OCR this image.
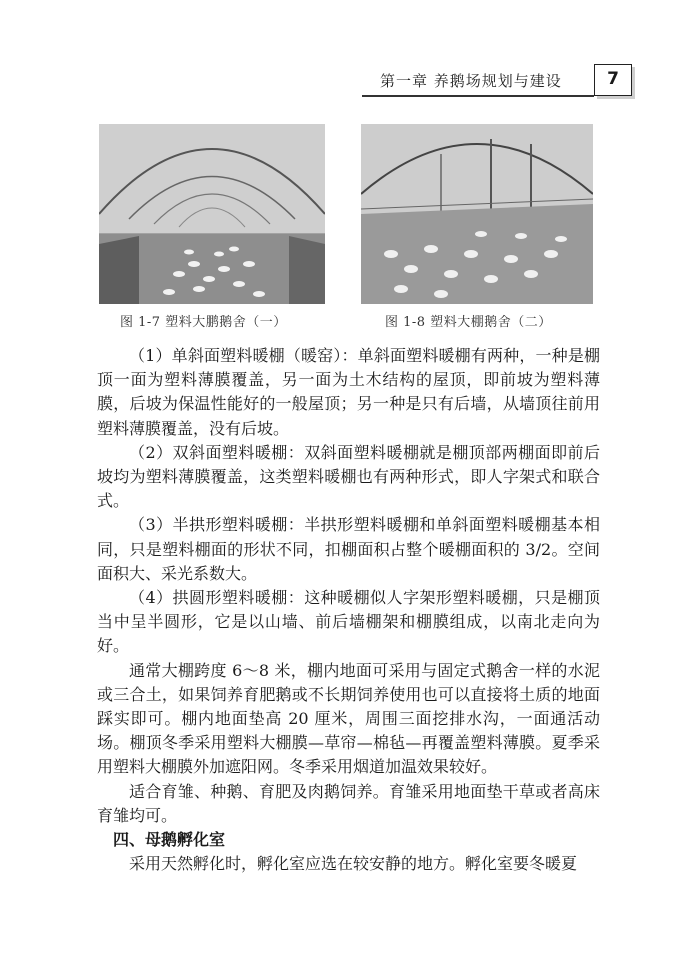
第一章 养鹅场规划与建设	7
图 1-7 塑料大鹏鹅舍（一）	图 1-8 塑料大棚鹅舍（二）

（1）单斜面塑料暖棚（暖窑）：单斜面塑料暖棚有两种，一种是棚顶一面为塑料薄膜覆盖，另一面为土木结构的屋顶，即前坡为塑料薄膜，后坡为保温性能好的一般屋顶；另一种是只有后墙，从墙顶往前用塑料薄膜覆盖，没有后坡。

（2）双斜面塑料暖棚：双斜面塑料暖棚就是棚顶部两棚面即前后坡均为塑料薄膜覆盖，这类塑料暖棚也有两种形式，即人字架式和联合式。

（3）半拱形塑料暖棚：半拱形塑料暖棚和单斜面塑料暖棚基本相同，只是塑料棚面的形状不同，扣棚面积占整个暖棚面积的 3/2。空间面积大、采光系数大。

（4）拱圆形塑料暖棚：这种暖棚似人字架形塑料暖棚，只是棚顶当中呈半圆形，它是以山墙、前后墙棚架和棚膜组成，以南北走向为好。

通常大棚跨度 6～8 米，棚内地面可采用与固定式鹅舍一样的水泥或三合土，如果饲养育肥鹅或不长期饲养使用也可以直接将土质的地面踩实即可。棚内地面垫高 20 厘米，周围三面挖排水沟，一面通活动场。棚顶冬季采用塑料大棚膜—草帘—棉毡—再覆盖塑料薄膜。夏季采用塑料大棚膜外加遮阳网。冬季采用烟道加温效果较好。

适合育雏、种鹅、育肥及肉鹅饲养。育雏采用地面垫干草或者高床育雏均可。

四、母鹅孵化室

采用天然孵化时，孵化室应选在较安静的地方。孵化室要冬暖夏
